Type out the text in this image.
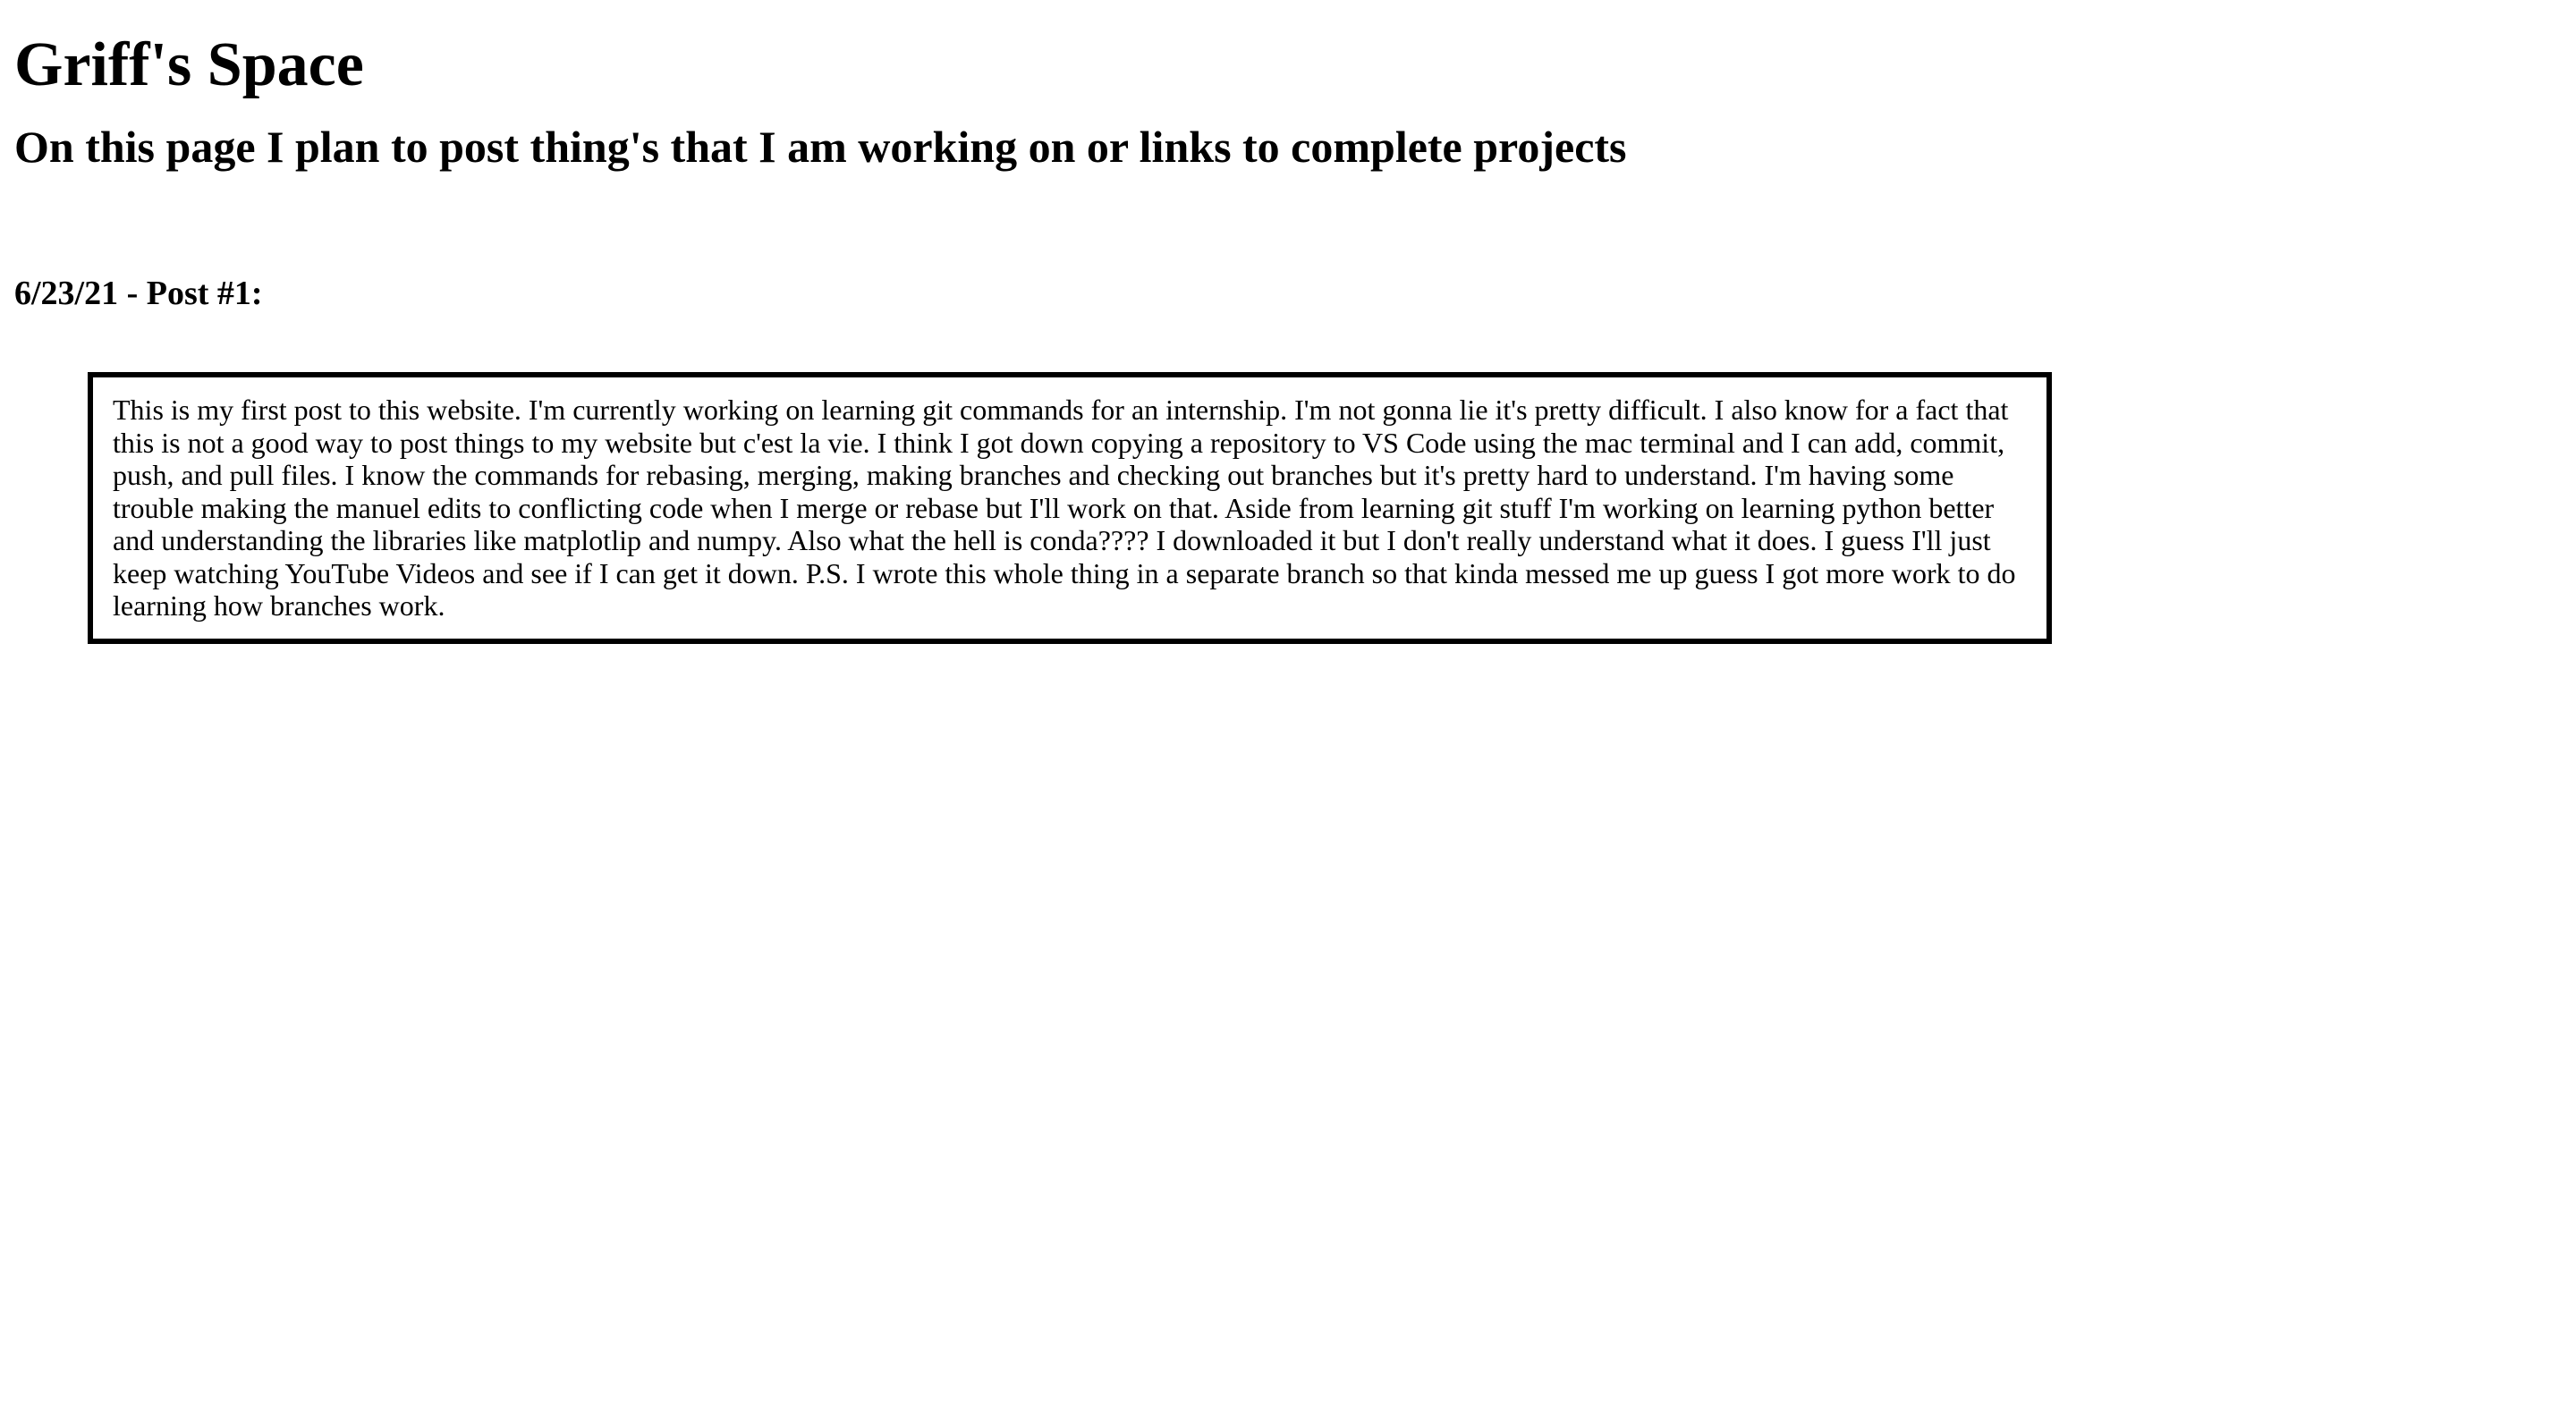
Griff's Space
On this page I plan to post thing's that I am working on or links to complete projects
6/23/21 - Post #1:

This is my first post to this website. I'm currently working on learning git commands for an internship. I'm not gonna lie it's pretty difficult. I also know for a fact that this is not a good way to post things to my website but c'est la vie. I think I got down copying a repository to VS Code using the mac terminal and I can add, commit, push, and pull files. I know the commands for rebasing, merging, making branches and checking out branches but it's pretty hard to understand. I'm having some trouble making the manuel edits to conflicting code when I merge or rebase but I'll work on that. Aside from learning git stuff I'm working on learning python better and understanding the libraries like matplotlip and numpy. Also what the hell is conda???? I downloaded it but I don't really understand what it does. I guess I'll just keep watching YouTube Videos and see if I can get it down. P.S. I wrote this whole thing in a separate branch so that kinda messed me up guess I got more work to do learning how branches work.
